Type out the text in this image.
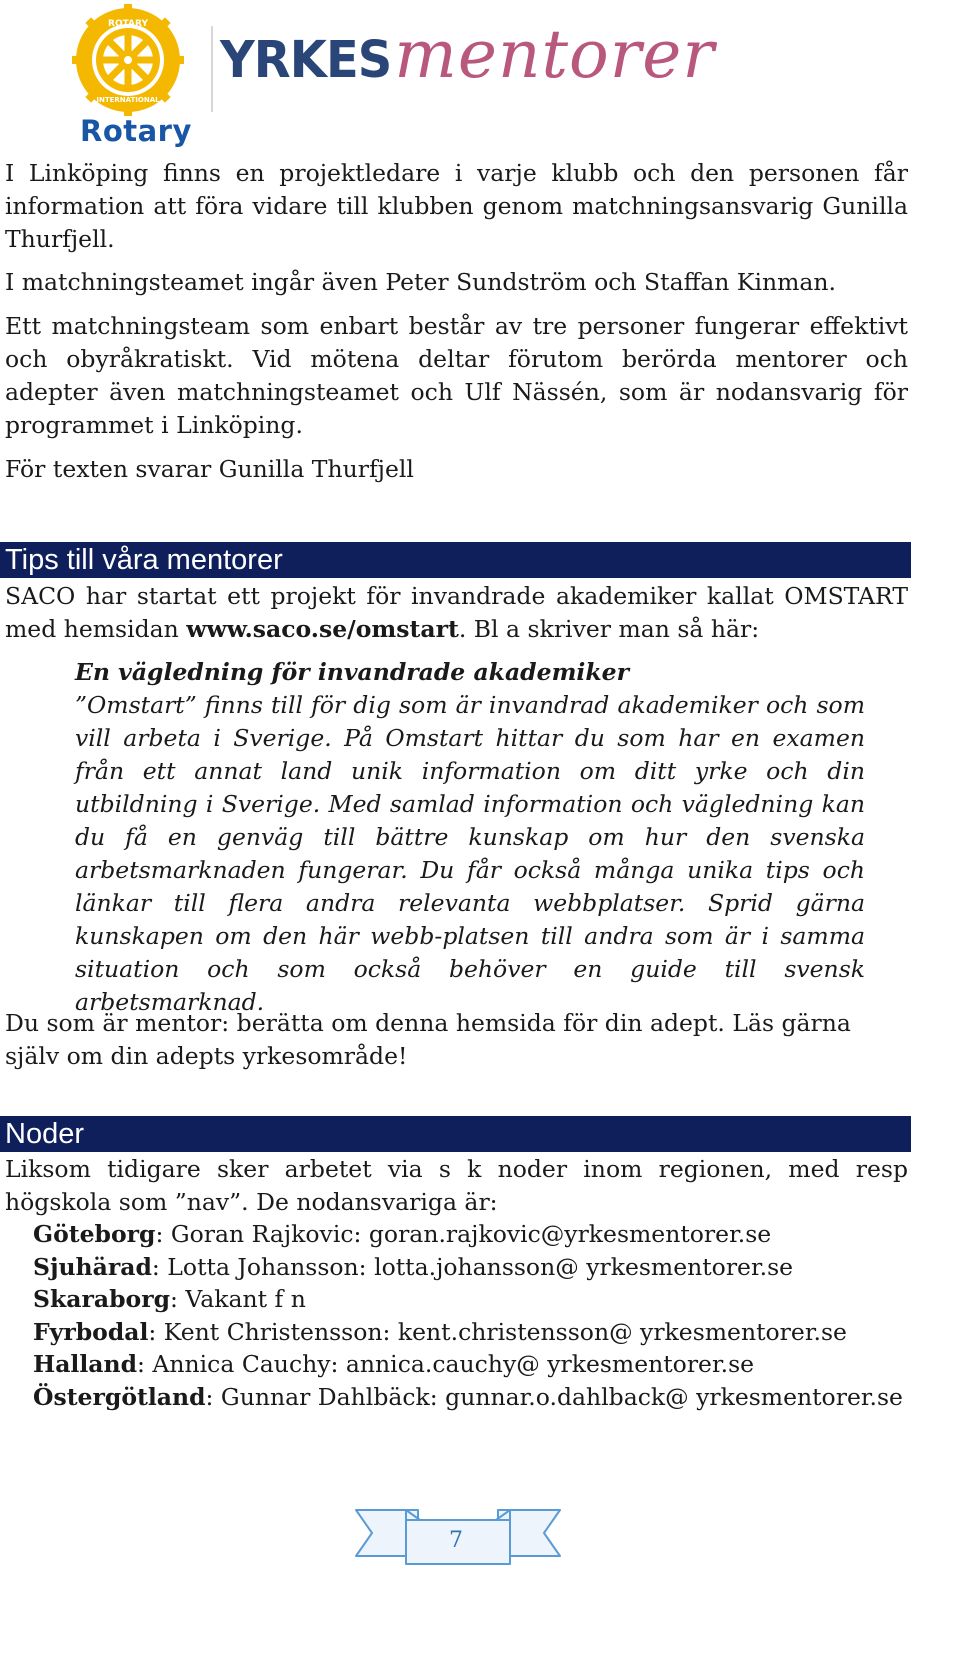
ROTARY
INTERNATIONAL
Rotary
YRKESmentorer

I Linköping finns en projektledare i varje klubb och den personen får information att föra vidare till klubben genom matchningsansvarig Gunilla Thurfjell.

I matchningsteamet ingår även Peter Sundström och Staffan Kinman.

Ett matchningsteam som enbart består av tre personer fungerar effektivt och obyråkratiskt. Vid mötena deltar förutom berörda mentorer och adepter även matchningsteamet och Ulf Nässén, som är nodansvarig för programmet i Linköping.

För texten svarar Gunilla Thurfjell

Tips till våra mentorer

SACO har startat ett projekt för invandrade akademiker kallat OMSTART med hemsidan www.saco.se/omstart. Bl a skriver man så här:

En vägledning för invandrade akademiker
”Omstart” finns till för dig som är invandrad akademiker och som vill arbeta i Sverige. På Omstart hittar du som har en examen från ett annat land unik information om ditt yrke och din utbildning i Sverige. Med samlad information och vägledning kan du få en genväg till bättre kunskap om hur den svenska arbetsmarknaden fungerar. Du får också många unika tips och länkar till flera andra relevanta webbplatser. Sprid gärna kunskapen om den här webb-platsen till andra som är i samma situation och som också behöver en guide till svensk arbetsmarknad.

Du som är mentor: berätta om denna hemsida för din adept. Läs gärna själv om din adepts yrkesområde!

Noder

Liksom tidigare sker arbetet via s k noder inom regionen, med resp högskola som ”nav”. De nodansvariga är:

Göteborg: Goran Rajkovic: goran.rajkovic@yrkesmentorer.se
Sjuhärad: Lotta Johansson: lotta.johansson@ yrkesmentorer.se
Skaraborg: Vakant f n
Fyrbodal: Kent Christensson: kent.christensson@ yrkesmentorer.se
Halland: Annica Cauchy: annica.cauchy@ yrkesmentorer.se
Östergötland: Gunnar Dahlbäck: gunnar.o.dahlback@ yrkesmentorer.se
7
